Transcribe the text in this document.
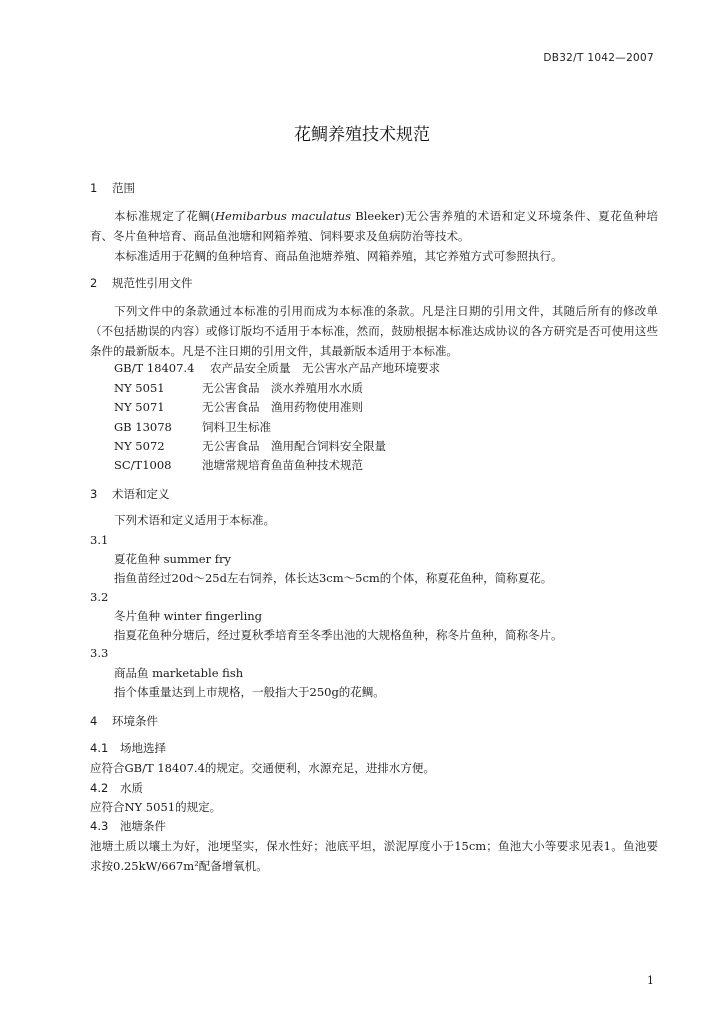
DB32/T 1042—2007
花鲷养殖技术规范
1 范围
本标准规定了花鲷(Hemibarbus maculatus Bleeker)无公害养殖的术语和定义环境条件、夏花鱼种培育、冬片鱼种培育、商品鱼池塘和网箱养殖、饲料要求及鱼病防治等技术。
本标准适用于花鲷的鱼种培育、商品鱼池塘养殖、网箱养殖，其它养殖方式可参照执行。
2 规范性引用文件
下列文件中的条款通过本标准的引用而成为本标准的条款。凡是注日期的引用文件，其随后所有的修改单（不包括勘误的内容）或修订版均不适用于本标准，然而，鼓励根据本标准达成协议的各方研究是否可使用这些条件的最新版本。凡是不注日期的引用文件，其最新版本适用于本标准。
GB/T 18407.4 农产品安全质量　无公害水产品产地环境要求
NY 5051	无公害食品　淡水养殖用水水质
NY 5071	无公害食品　渔用药物使用准则
GB 13078	饲料卫生标准
NY 5072	无公害食品　渔用配合饲料安全限量
SC/T1008	池塘常规培育鱼苗鱼种技术规范
3 术语和定义
下列术语和定义适用于本标准。
3.1
夏花鱼种 summer fry
指鱼苗经过20d～25d左右饲养，体长达3cm～5cm的个体，称夏花鱼种，简称夏花。
3.2
冬片鱼种 winter fingerling
指夏花鱼种分塘后，经过夏秋季培育至冬季出池的大规格鱼种，称冬片鱼种，简称冬片。
3.3
商品鱼 marketable fish
指个体重量达到上市规格，一般指大于250g的花鲷。
4 环境条件
4.1 场地选择
应符合GB/T 18407.4的规定。交通便利，水源充足，进排水方便。
4.2 水质
应符合NY 5051的规定。
4.3 池塘条件
池塘土质以壤土为好，池埂坚实，保水性好；池底平坦，淤泥厚度小于15cm；鱼池大小等要求见表1。鱼池要求按0.25kW/667m²配备增氧机。
1
